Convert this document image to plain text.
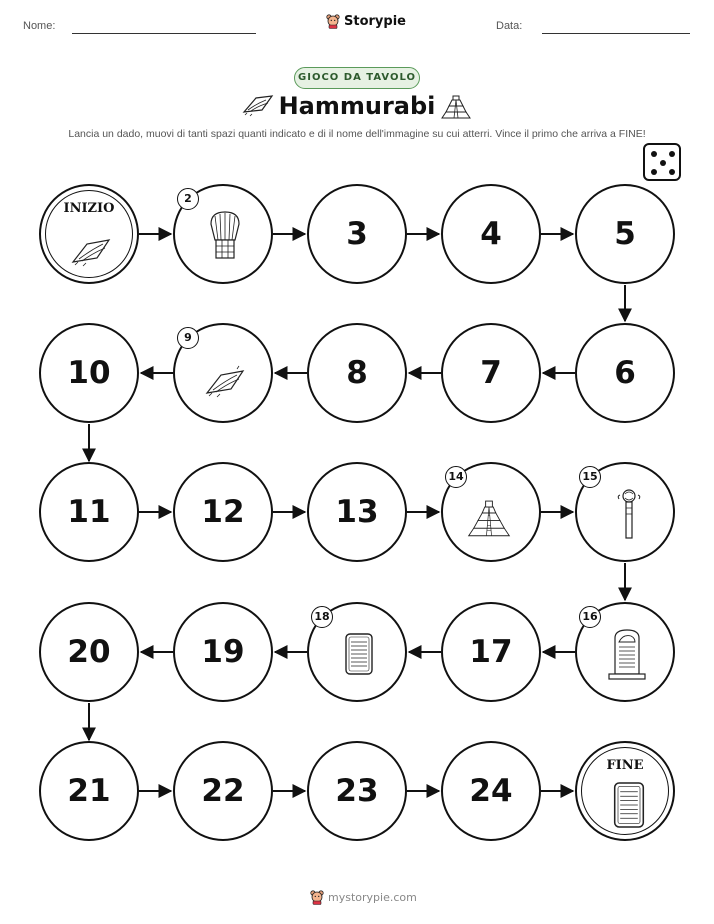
Nome:	Storypie	Data:
GIOCO DA TAVOLO
Hammurabi
Lancia un dado, muovi di tanti spazi quanti indicato e di il nome dell'immagine su cui atterri. Vince il primo che arriva a FINE!
INIZIO
2
3	4	5
6
7
8
9
10
11	12	13
14	15
16
17
18
19
20
21	22	23	24
FINE
mystorypie.com
